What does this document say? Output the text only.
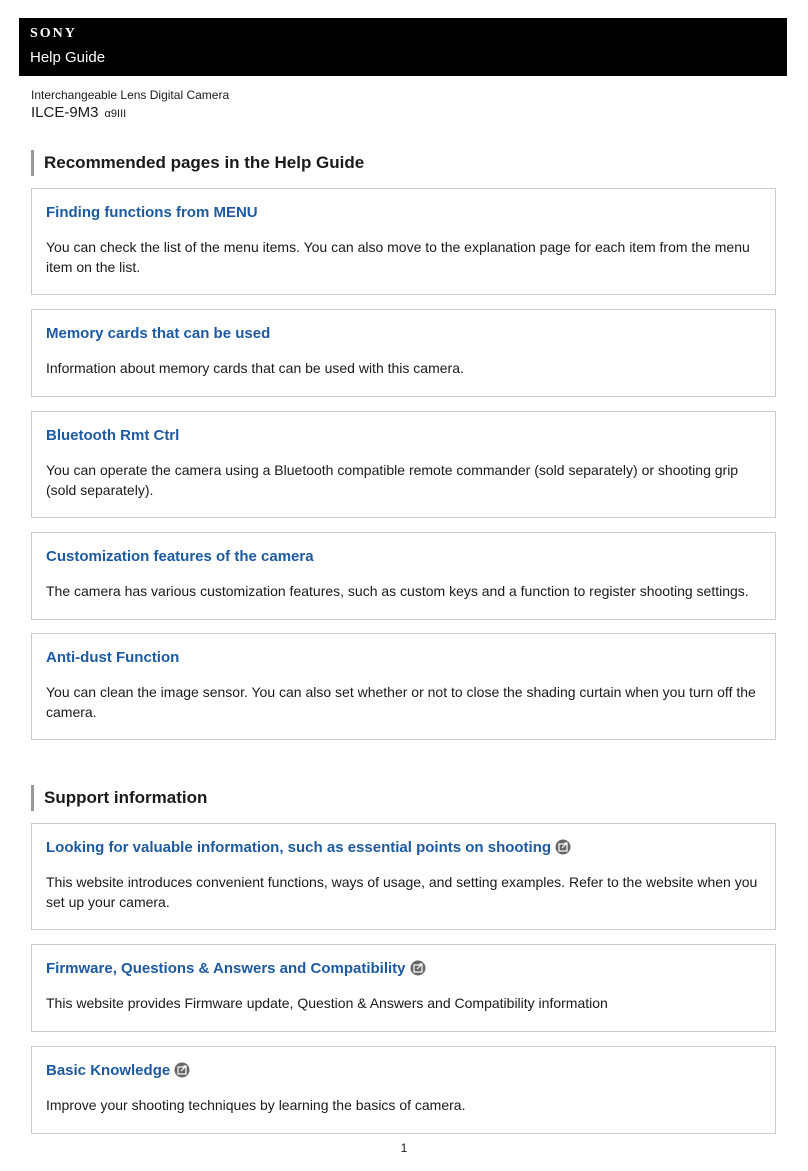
SONY
Help Guide
Interchangeable Lens Digital Camera
ILCE-9M3 α9III
Recommended pages in the Help Guide
Finding functions from MENU
You can check the list of the menu items. You can also move to the explanation page for each item from the menu item on the list.
Memory cards that can be used
Information about memory cards that can be used with this camera.
Bluetooth Rmt Ctrl
You can operate the camera using a Bluetooth compatible remote commander (sold separately) or shooting grip (sold separately).
Customization features of the camera
The camera has various customization features, such as custom keys and a function to register shooting settings.
Anti-dust Function
You can clean the image sensor. You can also set whether or not to close the shading curtain when you turn off the camera.
Support information
Looking for valuable information, such as essential points on shooting
This website introduces convenient functions, ways of usage, and setting examples. Refer to the website when you set up your camera.
Firmware, Questions & Answers and Compatibility
This website provides Firmware update, Question & Answers and Compatibility information
Basic Knowledge
Improve your shooting techniques by learning the basics of camera.
1
